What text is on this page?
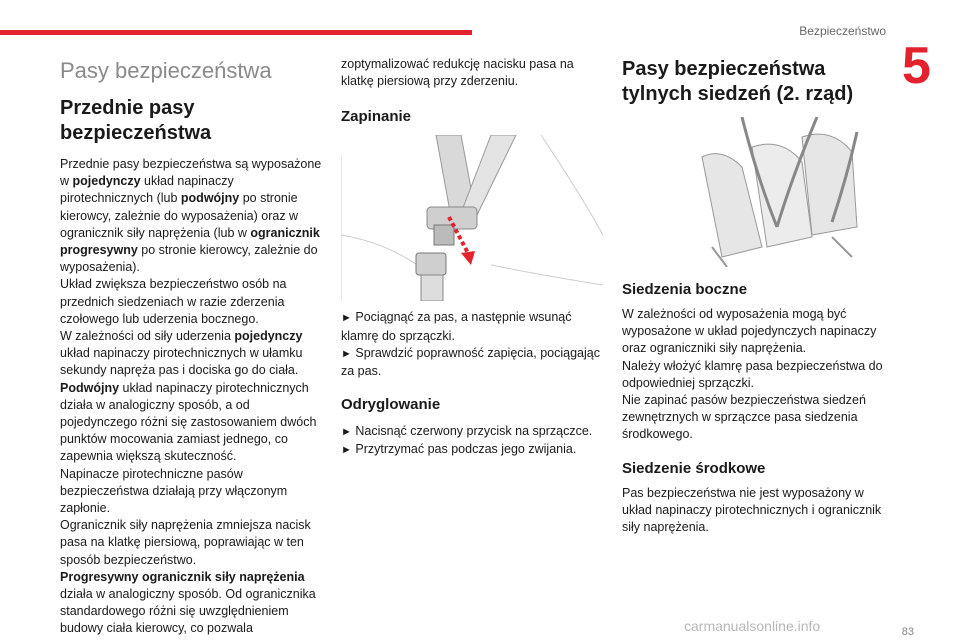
Bezpieczeństwo
5
Pasy bezpieczeństwa
Przednie pasy bezpieczeństwa

Przednie pasy bezpieczeństwa są wyposażone w pojedynczy układ napinaczy pirotechnicznych (lub podwójny po stronie kierowcy, zależnie do wyposażenia) oraz w ogranicznik siły naprężenia (lub w ogranicznik progresywny po stronie kierowcy, zależnie do wyposażenia).

Układ zwiększa bezpieczeństwo osób na przednich siedzeniach w razie zderzenia czołowego lub uderzenia bocznego.

W zależności od siły uderzenia pojedynczy układ napinaczy pirotechnicznych w ułamku sekundy napręża pas i dociska go do ciała.

Podwójny układ napinaczy pirotechnicznych działa w analogiczny sposób, a od pojedynczego różni się zastosowaniem dwóch punktów mocowania zamiast jednego, co zapewnia większą skuteczność.

Napinacze pirotechniczne pasów bezpieczeństwa działają przy włączonym zapłonie.

Ogranicznik siły naprężenia zmniejsza nacisk pasa na klatkę piersiową, poprawiając w ten sposób bezpieczeństwo.

Progresywny ogranicznik siły naprężenia działa w analogiczny sposób. Od ogranicznika standardowego różni się uwzględnieniem budowy ciała kierowcy, co pozwala

zoptymalizować redukcję nacisku pasa na klatkę piersiową przy zderzeniu.

Zapinanie

► Pociągnąć za pas, a następnie wsunąć klamrę do sprzączki.

► Sprawdzić poprawność zapięcia, pociągając za pas.

Odryglowanie

► Nacisnąć czerwony przycisk na sprzączce.

► Przytrzymać pas podczas jego zwijania.

Pasy bezpieczeństwa tylnych siedzeń (2. rząd)
Siedzenia boczne

W zależności od wyposażenia mogą być wyposażone w układ pojedynczych napinaczy oraz ograniczniki siły naprężenia.

Należy włożyć klamrę pasa bezpieczeństwa do odpowiedniej sprzączki.

Nie zapinać pasów bezpieczeństwa siedzeń zewnętrznych w sprzączce pasa siedzenia środkowego.

Siedzenie środkowe

Pas bezpieczeństwa nie jest wyposażony w układ napinaczy pirotechnicznych i ogranicznik siły naprężenia.

carmanualsonline.info	83
